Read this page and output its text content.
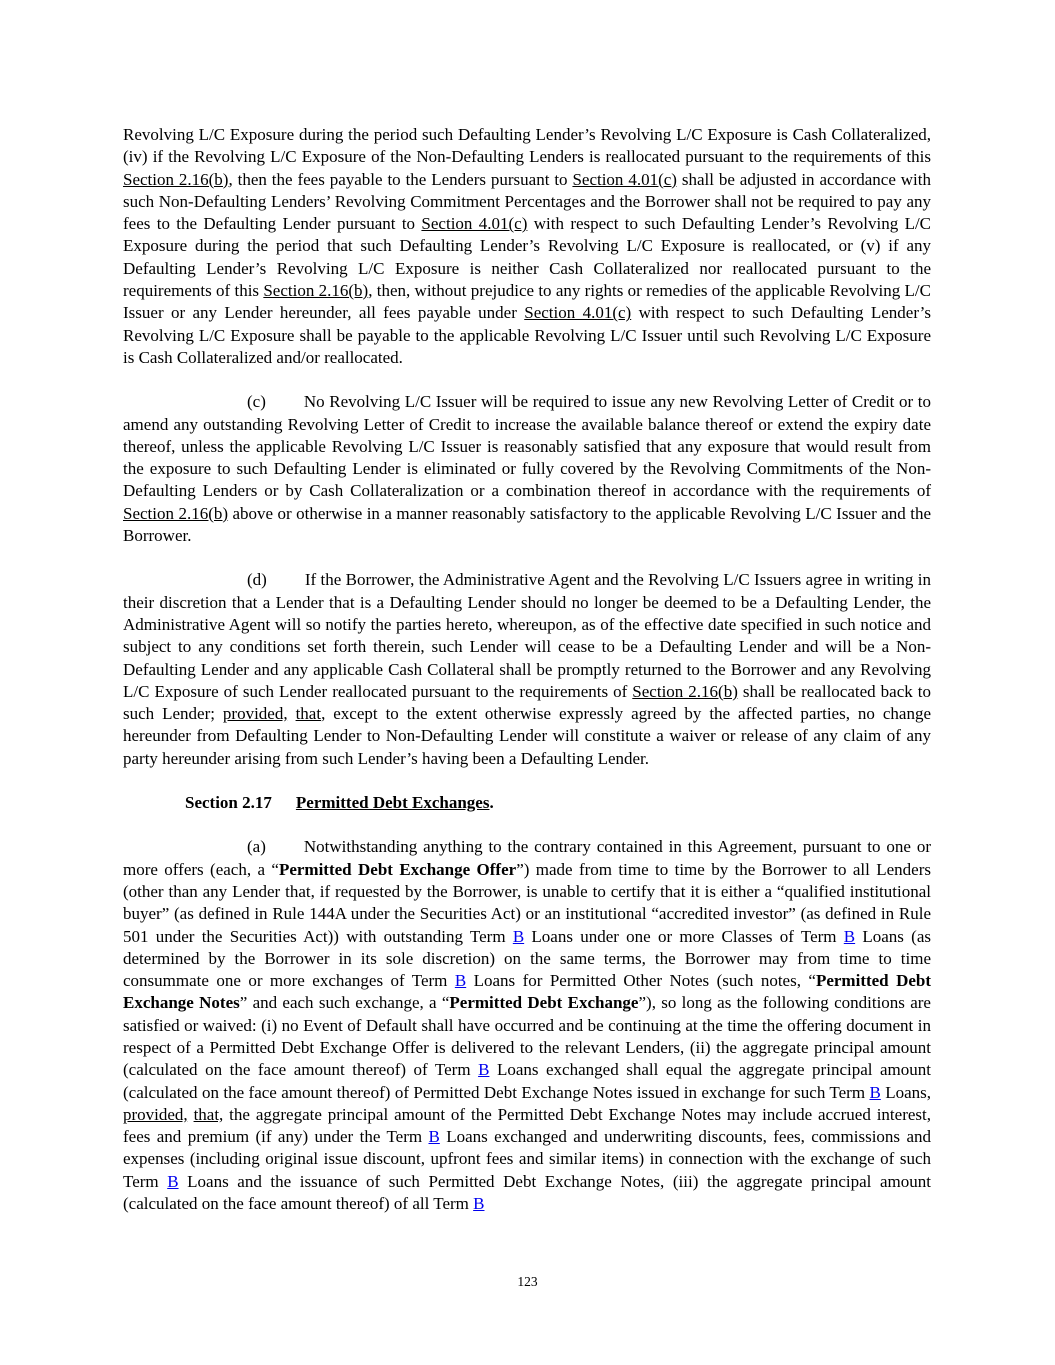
Revolving L/C Exposure during the period such Defaulting Lender’s Revolving L/C Exposure is Cash Collateralized, (iv) if the Revolving L/C Exposure of the Non-Defaulting Lenders is reallocated pursuant to the requirements of this Section 2.16(b), then the fees payable to the Lenders pursuant to Section 4.01(c) shall be adjusted in accordance with such Non-Defaulting Lenders’ Revolving Commitment Percentages and the Borrower shall not be required to pay any fees to the Defaulting Lender pursuant to Section 4.01(c) with respect to such Defaulting Lender’s Revolving L/C Exposure during the period that such Defaulting Lender’s Revolving L/C Exposure is reallocated, or (v) if any Defaulting Lender’s Revolving L/C Exposure is neither Cash Collateralized nor reallocated pursuant to the requirements of this Section 2.16(b), then, without prejudice to any rights or remedies of the applicable Revolving L/C Issuer or any Lender hereunder, all fees payable under Section 4.01(c) with respect to such Defaulting Lender’s Revolving L/C Exposure shall be payable to the applicable Revolving L/C Issuer until such Revolving L/C Exposure is Cash Collateralized and/or reallocated.

(c) No Revolving L/C Issuer will be required to issue any new Revolving Letter of Credit or to amend any outstanding Revolving Letter of Credit to increase the available balance thereof or extend the expiry date thereof, unless the applicable Revolving L/C Issuer is reasonably satisfied that any exposure that would result from the exposure to such Defaulting Lender is eliminated or fully covered by the Revolving Commitments of the Non-Defaulting Lenders or by Cash Collateralization or a combination thereof in accordance with the requirements of Section 2.16(b) above or otherwise in a manner reasonably satisfactory to the applicable Revolving L/C Issuer and the Borrower.

(d) If the Borrower, the Administrative Agent and the Revolving L/C Issuers agree in writing in their discretion that a Lender that is a Defaulting Lender should no longer be deemed to be a Defaulting Lender, the Administrative Agent will so notify the parties hereto, whereupon, as of the effective date specified in such notice and subject to any conditions set forth therein, such Lender will cease to be a Defaulting Lender and will be a Non-Defaulting Lender and any applicable Cash Collateral shall be promptly returned to the Borrower and any Revolving L/C Exposure of such Lender reallocated pursuant to the requirements of Section 2.16(b) shall be reallocated back to such Lender; provided, that, except to the extent otherwise expressly agreed by the affected parties, no change hereunder from Defaulting Lender to Non-Defaulting Lender will constitute a waiver or release of any claim of any party hereunder arising from such Lender’s having been a Defaulting Lender.

Section 2.17 Permitted Debt Exchanges.

(a) Notwithstanding anything to the contrary contained in this Agreement, pursuant to one or more offers (each, a “Permitted Debt Exchange Offer”) made from time to time by the Borrower to all Lenders (other than any Lender that, if requested by the Borrower, is unable to certify that it is either a “qualified institutional buyer” (as defined in Rule 144A under the Securities Act) or an institutional “accredited investor” (as defined in Rule 501 under the Securities Act)) with outstanding Term B Loans under one or more Classes of Term B Loans (as determined by the Borrower in its sole discretion) on the same terms, the Borrower may from time to time consummate one or more exchanges of Term B Loans for Permitted Other Notes (such notes, “Permitted Debt Exchange Notes” and each such exchange, a “Permitted Debt Exchange”), so long as the following conditions are satisfied or waived: (i) no Event of Default shall have occurred and be continuing at the time the offering document in respect of a Permitted Debt Exchange Offer is delivered to the relevant Lenders, (ii) the aggregate principal amount (calculated on the face amount thereof) of Term B Loans exchanged shall equal the aggregate principal amount (calculated on the face amount thereof) of Permitted Debt Exchange Notes issued in exchange for such Term B Loans, provided, that, the aggregate principal amount of the Permitted Debt Exchange Notes may include accrued interest, fees and premium (if any) under the Term B Loans exchanged and underwriting discounts, fees, commissions and expenses (including original issue discount, upfront fees and similar items) in connection with the exchange of such Term B Loans and the issuance of such Permitted Debt Exchange Notes, (iii) the aggregate principal amount (calculated on the face amount thereof) of all Term B

123
